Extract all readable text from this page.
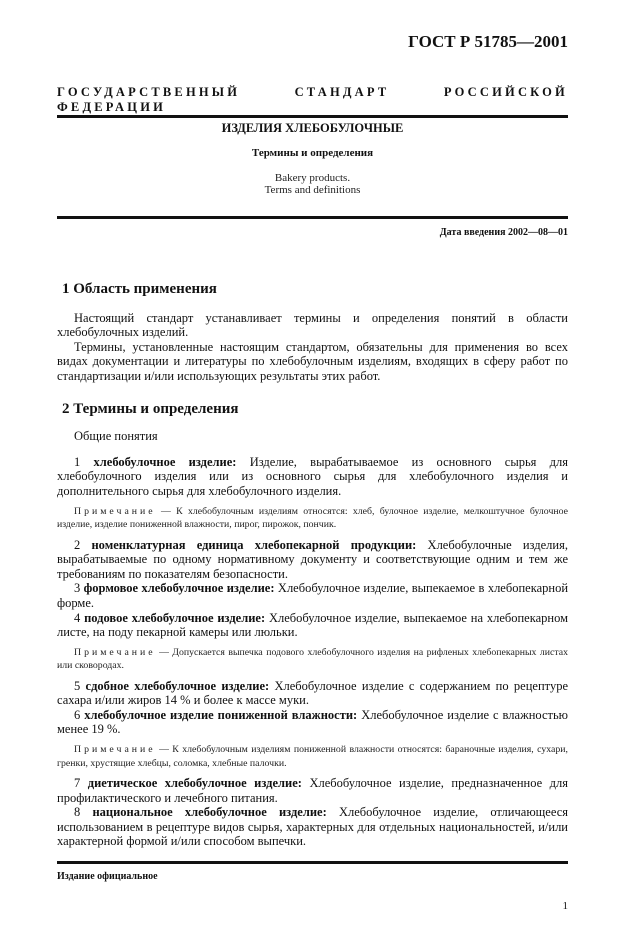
ГОСТ Р 51785—2001
ГОСУДАРСТВЕННЫЙ СТАНДАРТ РОССИЙСКОЙ ФЕДЕРАЦИИ
ИЗДЕЛИЯ ХЛЕБОБУЛОЧНЫЕ
Термины и определения
Bakery products.
Terms and definitions
Дата введения 2002—08—01
1 Область применения

Настоящий стандарт устанавливает термины и определения понятий в области хлебобулочных изделий.

Термины, установленные настоящим стандартом, обязательны для применения во всех видах документации и литературы по хлебобулочным изделиям, входящих в сферу работ по стандартизации и/или использующих результаты этих работ.

2 Термины и определения

Общие понятия

1 хлебобулочное изделие: Изделие, вырабатываемое из основного сырья для хлебобулочного изделия или из основного сырья для хлебобулочного изделия и дополнительного сырья для хлебобулочного изделия.

Примечание — К хлебобулочным изделиям относятся: хлеб, булочное изделие, мелкоштучное булочное изделие, изделие пониженной влажности, пирог, пирожок, пончик.

2 номенклатурная единица хлебопекарной продукции: Хлебобулочные изделия, вырабатываемые по одному нормативному документу и соответствующие одним и тем же требованиям по показателям безопасности.

3 формовое хлебобулочное изделие: Хлебобулочное изделие, выпекаемое в хлебопекарной форме.

4 подовое хлебобулочное изделие: Хлебобулочное изделие, выпекаемое на хлебопекарном листе, на поду пекарной камеры или люльки.

Примечание — Допускается выпечка подового хлебобулочного изделия на рифленых хлебопекарных листах или сковородах.

5 сдобное хлебобулочное изделие: Хлебобулочное изделие с содержанием по рецептуре сахара и/или жиров 14 % и более к массе муки.

6 хлебобулочное изделие пониженной влажности: Хлебобулочное изделие с влажностью менее 19 %.

Примечание — К хлебобулочным изделиям пониженной влажности относятся: бараночные изделия, сухари, гренки, хрустящие хлебцы, соломка, хлебные палочки.

7 диетическое хлебобулочное изделие: Хлебобулочное изделие, предназначенное для профилактического и лечебного питания.

8 национальное хлебобулочное изделие: Хлебобулочное изделие, отличающееся использованием в рецептуре видов сырья, характерных для отдельных национальностей, и/или характерной формой и/или способом выпечки.

Издание официальное
1
